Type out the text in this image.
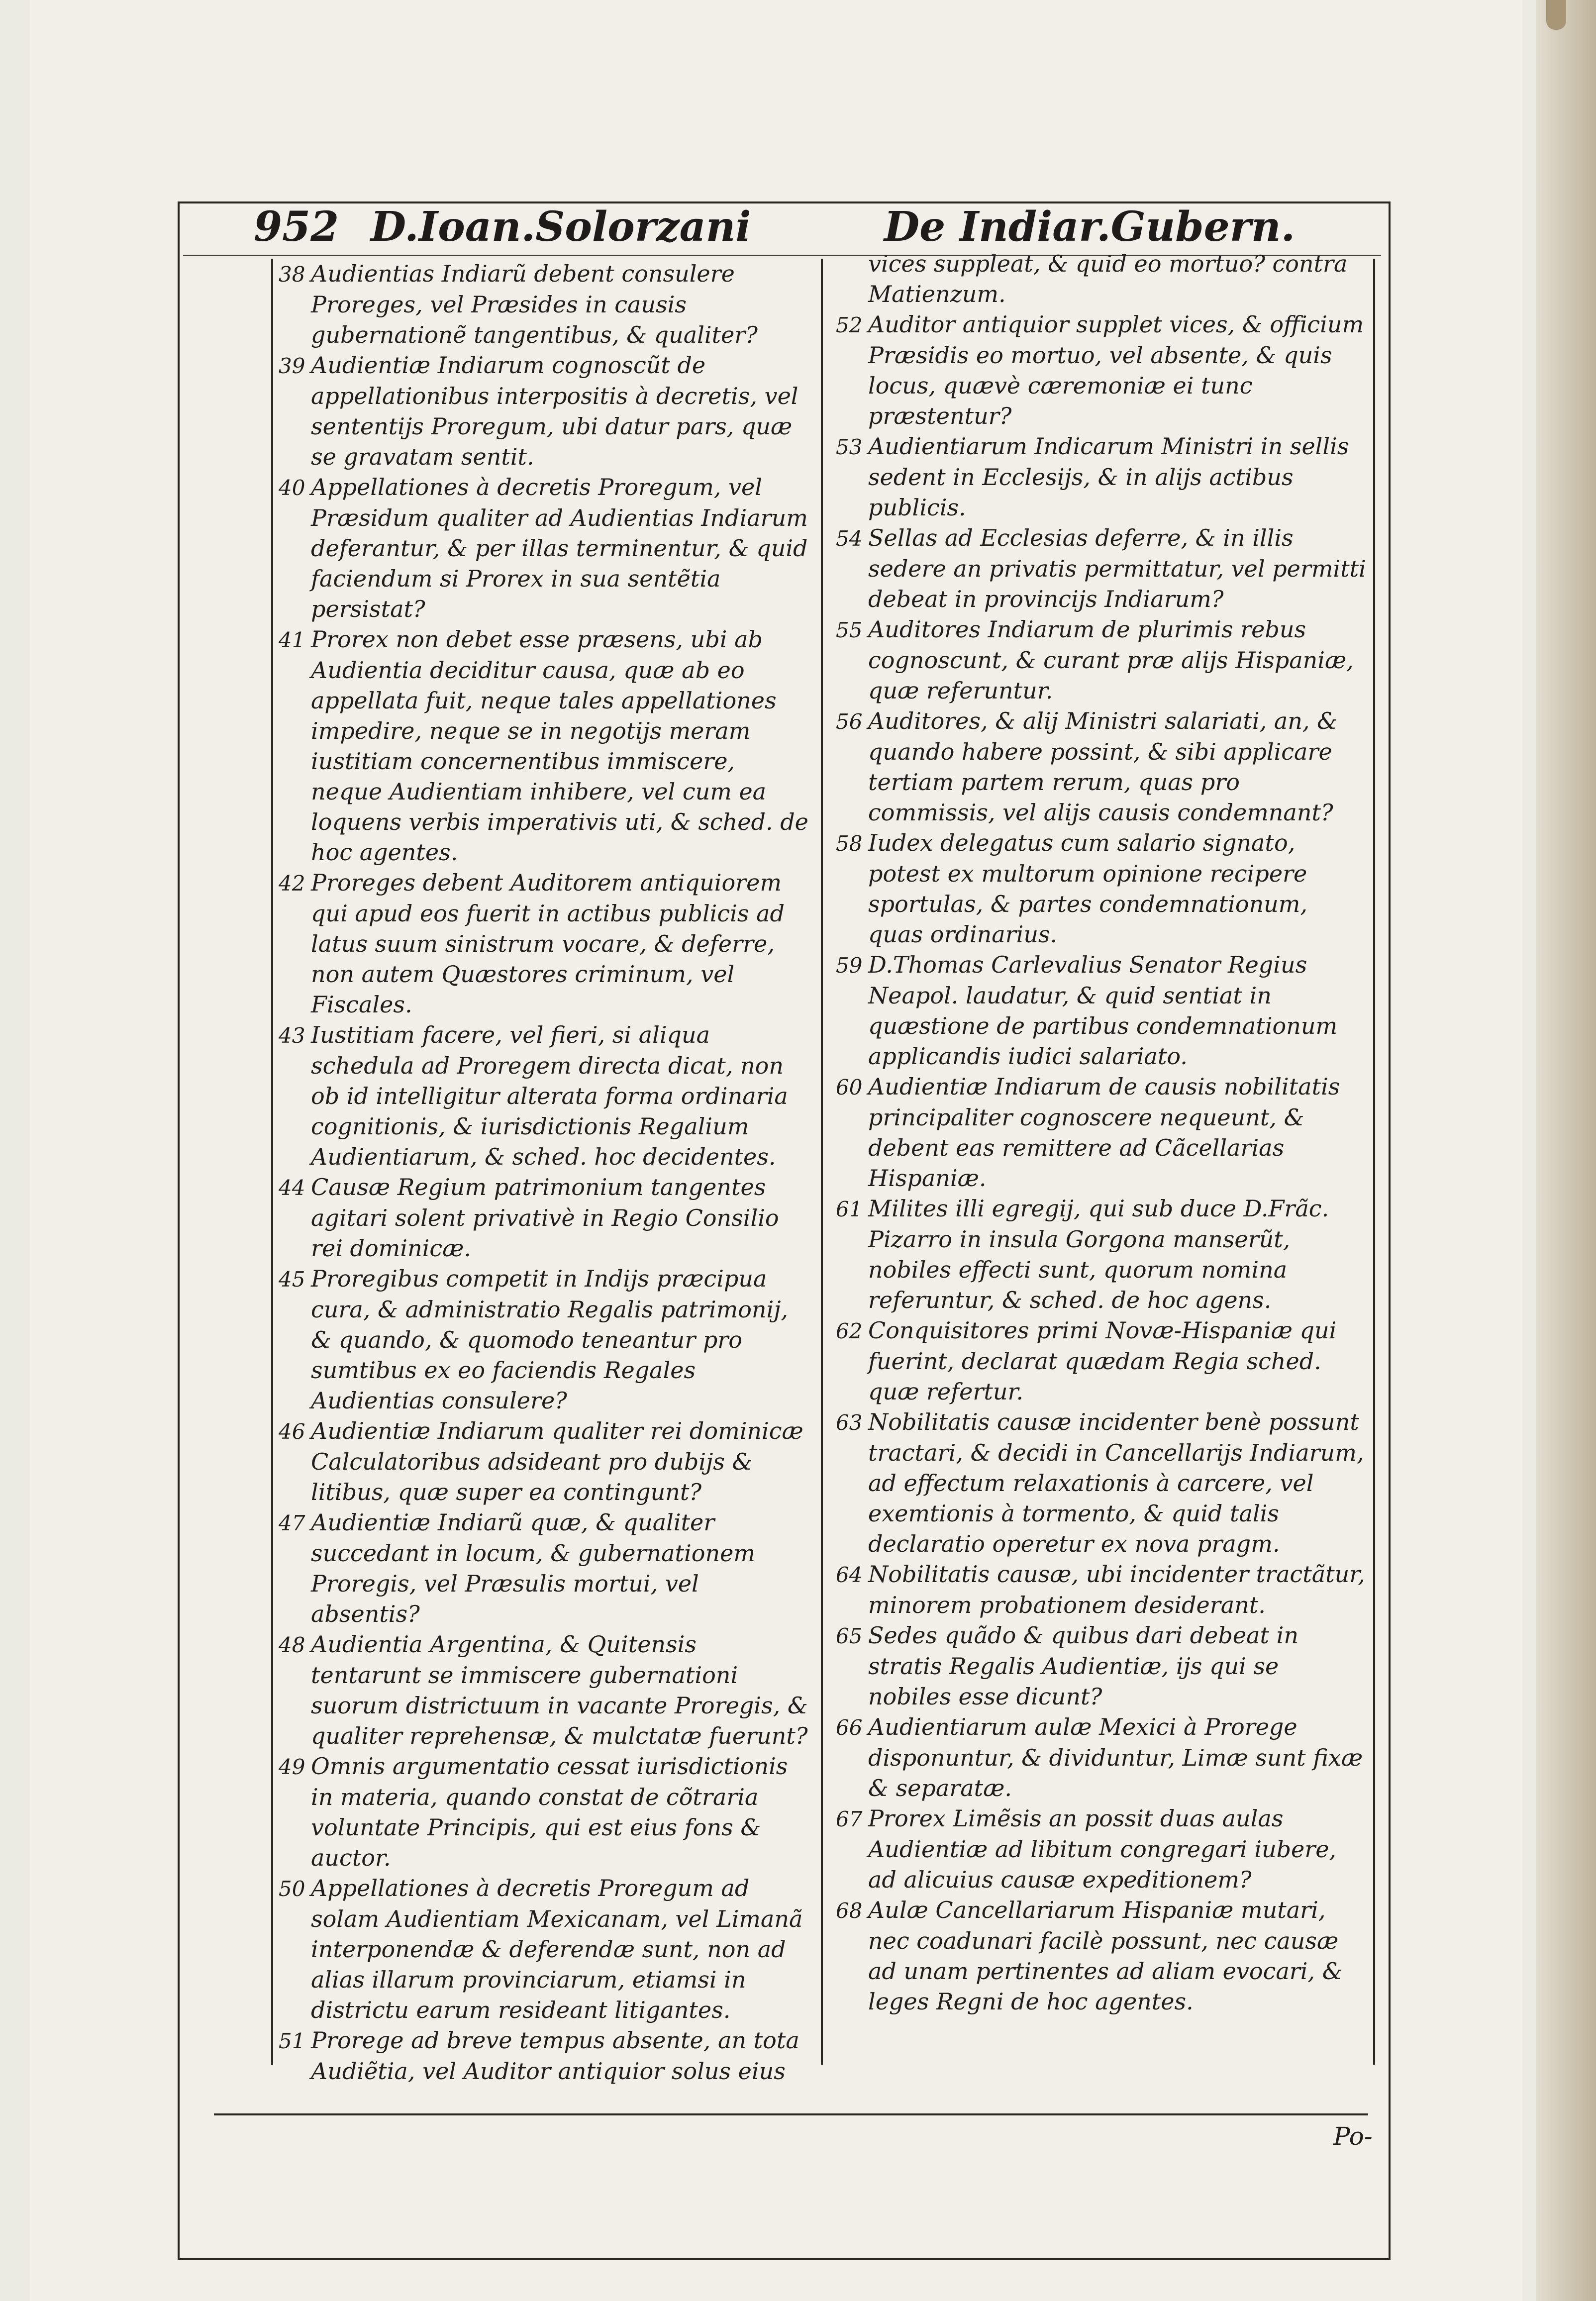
952 D.Ioan.Solorzani	De Indiar.Gubern.
38 Audientias Indiarũ debent consulere Proreges, vel Præsides in causis gubernationẽ tangentibus, & qualiter?
39 Audientiæ Indiarum cognoscũt de appellationibus interpositis à decretis, vel sententijs Proregum, ubi datur pars, quæ se gravatam sentit.
40 Appellationes à decretis Proregum, vel Præsidum qualiter ad Audientias Indiarum deferantur, & per illas terminentur, & quid faciendum si Prorex in sua sentẽtia persistat?
41 Prorex non debet esse præsens, ubi ab Audientia deciditur causa, quæ ab eo appellata fuit, neque tales appellationes impedire, neque se in negotijs meram iustitiam concernentibus immiscere, neque Audientiam inhibere, vel cum ea loquens verbis imperativis uti, & sched. de hoc agentes.
42 Proreges debent Auditorem antiquiorem qui apud eos fuerit in actibus publicis ad latus suum sinistrum vocare, & deferre, non autem Quæstores criminum, vel Fiscales.
43 Iustitiam facere, vel fieri, si aliqua schedula ad Proregem directa dicat, non ob id intelligitur alterata forma ordinaria cognitionis, & iurisdictionis Regalium Audientiarum, & sched. hoc decidentes.
44 Causæ Regium patrimonium tangentes agitari solent privativè in Regio Consilio rei dominicæ.
45 Proregibus competit in Indijs præcipua cura, & administratio Regalis patrimonij, & quando, & quomodo teneantur pro sumtibus ex eo faciendis Regales Audientias consulere?
46 Audientiæ Indiarum qualiter rei dominicæ Calculatoribus adsideant pro dubijs & litibus, quæ super ea contingunt?
47 Audientiæ Indiarũ quæ, & qualiter succedant in locum, & gubernationem Proregis, vel Præsulis mortui, vel absentis?
48 Audientia Argentina, & Quitensis tentarunt se immiscere gubernationi suorum districtuum in vacante Proregis, & qualiter reprehensæ, & mulctatæ fuerunt?
49 Omnis argumentatio cessat iurisdictionis in materia, quando constat de cõtraria voluntate Principis, qui est eius fons & auctor.
50 Appellationes à decretis Proregum ad solam Audientiam Mexicanam, vel Limanã interponendæ & deferendæ sunt, non ad alias illarum provinciarum, etiamsi in districtu earum resideant litigantes.
51 Prorege ad breve tempus absente, an tota Audiẽtia, vel Auditor antiquior solus eius
vices suppleat, & quid eo mortuo? contra Matienzum.
52 Auditor antiquior supplet vices, & officium Præsidis eo mortuo, vel absente, & quis locus, quævè cæremoniæ ei tunc præstentur?
53 Audientiarum Indicarum Ministri in sellis sedent in Ecclesijs, & in alijs actibus publicis.
54 Sellas ad Ecclesias deferre, & in illis sedere an privatis permittatur, vel permitti debeat in provincijs Indiarum?
55 Auditores Indiarum de plurimis rebus cognoscunt, & curant præ alijs Hispaniæ, quæ referuntur.
56 Auditores, & alij Ministri salariati, an, & quando habere possint, & sibi applicare tertiam partem rerum, quas pro commissis, vel alijs causis condemnant?
58 Iudex delegatus cum salario signato, potest ex multorum opinione recipere sportulas, & partes condemnationum, quas ordinarius.
59 D.Thomas Carlevalius Senator Regius Neapol. laudatur, & quid sentiat in quæstione de partibus condemnationum applicandis iudici salariato.
60 Audientiæ Indiarum de causis nobilitatis principaliter cognoscere nequeunt, & debent eas remittere ad Cãcellarias Hispaniæ.
61 Milites illi egregij, qui sub duce D.Frãc. Pizarro in insula Gorgona manserũt, nobiles effecti sunt, quorum nomina referuntur, & sched. de hoc agens.
62 Conquisitores primi Novæ-Hispaniæ qui fuerint, declarat quædam Regia sched. quæ refertur.
63 Nobilitatis causæ incidenter benè possunt tractari, & decidi in Cancellarijs Indiarum, ad effectum relaxationis à carcere, vel exemtionis à tormento, & quid talis declaratio operetur ex nova pragm.
64 Nobilitatis causæ, ubi incidenter tractãtur, minorem probationem desiderant.
65 Sedes quãdo & quibus dari debeat in stratis Regalis Audientiæ, ijs qui se nobiles esse dicunt?
66 Audientiarum aulæ Mexici à Prorege disponuntur, & dividuntur, Limæ sunt fixæ & separatæ.
67 Prorex Limẽsis an possit duas aulas Audientiæ ad libitum congregari iubere, ad alicuius causæ expeditionem?
68 Aulæ Cancellariarum Hispaniæ mutari, nec coadunari facilè possunt, nec causæ ad unam pertinentes ad aliam evocari, & leges Regni de hoc agentes.
Po-
